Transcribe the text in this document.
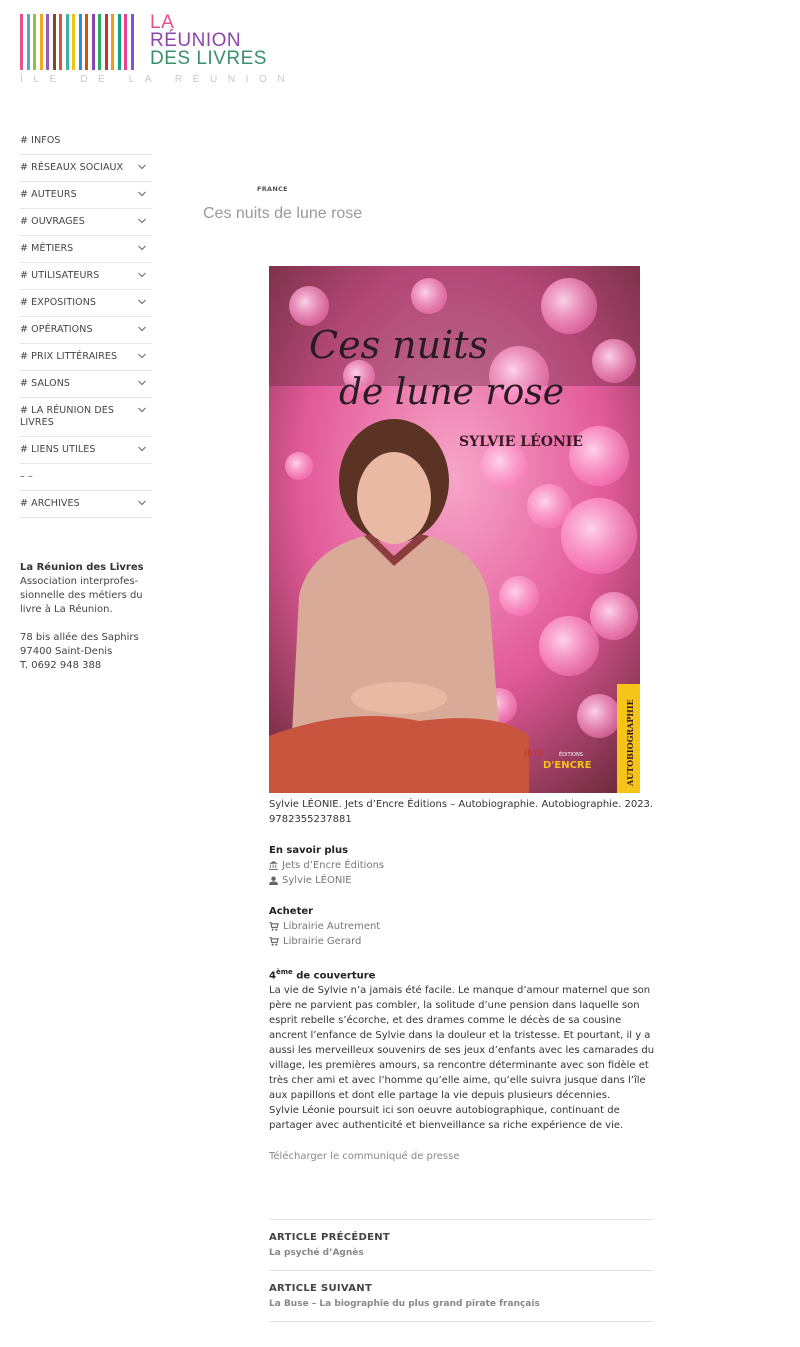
LA
RÉUNION
DES LIVRES
ÎLE DE LA RÉUNION
# INFOS
# RÉSEAUX SOCIAUX
# AUTEURS
# OUVRAGES
# MÉTIERS
# UTILISATEURS
# EXPOSITIONS
# OPÉRATIONS
# PRIX LITTÉRAIRES
# SALONS
# LA RÉUNION DES LIVRES
# LIENS UTILES
– –
# ARCHIVES

La Réunion des Livres

Association interprofes-

sionnelle des métiers du

livre à La Réunion.

78 bis allée des Saphirs

97400 Saint-Denis

T. 0692 948 388

FRANCE
Ces nuits de lune rose
Ces nuits
de lune rose
SYLVIE LÉONIE
AUTOBIOGRAPHIE
JETS	ÉDITIONS
D'ENCRE
Sylvie LÉONIE. Jets d’Encre Éditions – Autobiographie. Autobiographie. 2023.
9782355237881
En savoir plus
Jets d’Encre Éditions
Sylvie LÉONIE
Acheter
Librairie Autrement
Librairie Gerard
4ème de couverture
La vie de Sylvie n’a jamais été facile. Le manque d’amour maternel que son père ne parvient pas combler, la solitude d’une pension dans laquelle son esprit rebelle s’écorche, et des drames comme le décès de sa cousine ancrent l’enfance de Sylvie dans la douleur et la tristesse. Et pourtant, il y a aussi les merveilleux souvenirs de ses jeux d’enfants avec les camarades du village, les premières amours, sa rencontre déterminante avec son fidèle et très cher ami et avec l’homme qu’elle aime, qu’elle suivra jusque dans l’île aux papillons et dont elle partage la vie depuis plusieurs décennies.
Sylvie Léonie poursuit ici son oeuvre autobiographique, continuant de partager avec authenticité et bienveillance sa riche expérience de vie.
Télécharger le communiqué de presse
ARTICLE PRÉCÉDENT
La psyché d’Agnès
ARTICLE SUIVANT
La Buse – La biographie du plus grand pirate français
